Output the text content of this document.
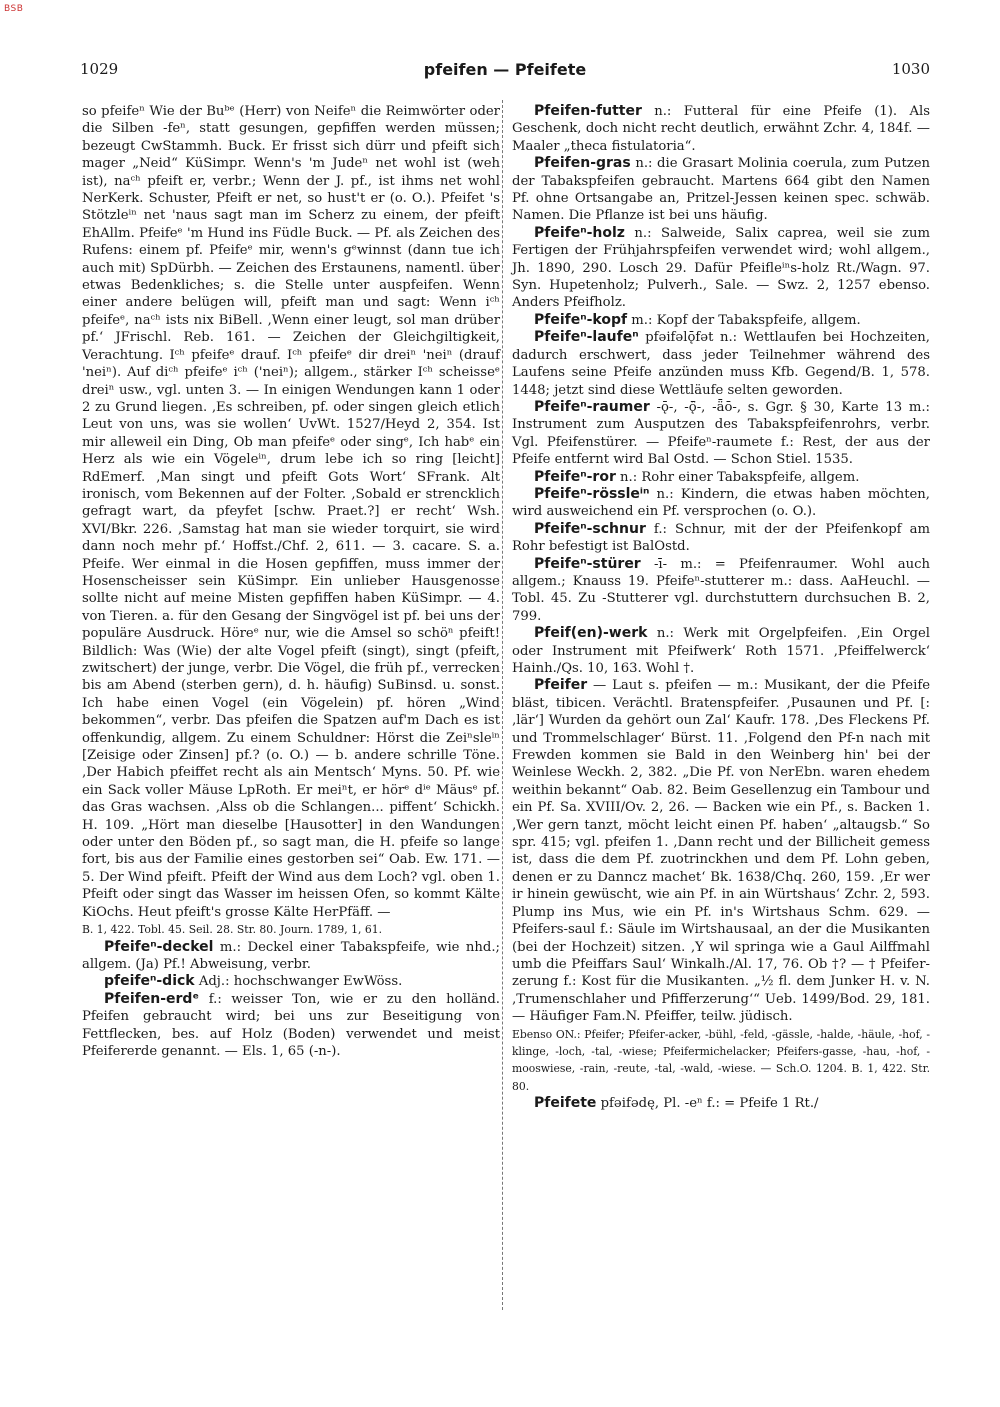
BSB
1029	pfeifen — Pfeifete	1030

so pfeifeⁿ Wie der Buᵇᵉ (Herr) von Neifeⁿ die Reimwörter oder die Silben -feⁿ, statt gesungen, gepfiffen werden müssen; bezeugt CwStammh. Buck. Er frisst sich dürr und pfeift sich mager „Neid“ KüSimpr. Wenn's 'm Judeⁿ net wohl ist (weh ist), naᶜʰ pfeift er, verbr.; Wenn der J. pf., ist ihms net wohl NerKerk. Schuster, Pfeift er net, so hust't er (o. O.). Pfeifet 's Stötzleⁱⁿ net 'naus sagt man im Scherz zu einem, der pfeift EhAllm. Pfeifeᵉ 'm Hund ins Füdle Buck. — Pf. als Zeichen des Rufens: einem pf. Pfeifeᵉ mir, wenn's gᵉwinnst (dann tue ich auch mit) SpDürbh. — Zeichen des Erstaunens, namentl. über etwas Bedenkliches; s. die Stelle unter auspfeifen. Wenn einer andere belügen will, pfeift man und sagt: Wenn iᶜʰ pfeifeᵉ, naᶜʰ ists nix BiBell. ‚Wenn einer leugt, sol man drüber pf.‘ JFrischl. Reb. 161. — Zeichen der Gleichgiltigkeit, Verachtung. Iᶜʰ pfeifeᵉ drauf. Iᶜʰ pfeifeᵉ dir dreiⁿ 'neiⁿ (drauf 'neiⁿ). Auf diᶜʰ pfeifeᵉ iᶜʰ ('neiⁿ); allgem., stärker Iᶜʰ scheisseᵉ dreiⁿ usw., vgl. unten 3. — In einigen Wendungen kann 1 oder 2 zu Grund liegen. ‚Es schreiben, pf. oder singen gleich etlich Leut von uns, was sie wollen‘ UvWt. 1527/Heyd 2, 354. Ist mir alleweil ein Ding, Ob man pfeifeᵉ oder singᵉ, Ich habᵉ ein Herz als wie ein Vögeleⁱⁿ, drum lebe ich so ring [leicht] RdEmerf. ‚Man singt und pfeift Gots Wort‘ SFrank. Alt ironisch, vom Bekennen auf der Folter. ‚Sobald er strencklich gefragt wart, da pfeyfet [schw. Praet.?] er recht‘ Wsh. XVI/Bkr. 226. ‚Samstag hat man sie wieder torquirt, sie wird dann noch mehr pf.‘ Hoffst./Chf. 2, 611. — 3. cacare. S. a. Pfeife. Wer einmal in die Hosen gepfiffen, muss immer der Hosenscheisser sein KüSimpr. Ein unlieber Hausgenosse sollte nicht auf meine Misten gepfiffen haben KüSimpr. — 4. von Tieren. a. für den Gesang der Singvögel ist pf. bei uns der populäre Ausdruck. Höreᵉ nur, wie die Amsel so schöⁿ pfeift! Bildlich: Was (Wie) der alte Vogel pfeift (singt), singt (pfeift, zwitschert) der junge, verbr. Die Vögel, die früh pf., verrecken bis am Abend (sterben gern), d. h. häufig) SuBinsd. u. sonst. Ich habe einen Vogel (ein Vögelein) pf. hören „Wind bekommen“, verbr. Das pfeifen die Spatzen auf'm Dach es ist offenkundig, allgem. Zu einem Schuldner: Hörst die Zeiⁿsleⁱⁿ [Zeisige oder Zinsen] pf.? (o. O.) — b. andere schrille Töne. ‚Der Habich pfeiffet recht als ain Mentsch‘ Myns. 50. Pf. wie ein Sack voller Mäuse LpRoth. Er meiⁿt, er hörᵉ dⁱᵉ Mäusᵉ pf. das Gras wachsen. ‚Alss ob die Schlangen... piffent‘ Schickh. H. 109. „Hört man dieselbe [Hausotter] in den Wandungen oder unter den Böden pf., so sagt man, die H. pfeife so lange fort, bis aus der Familie eines gestorben sei“ Oab. Ew. 171. — 5. Der Wind pfeift. Pfeift der Wind aus dem Loch? vgl. oben 1. Pfeift oder singt das Wasser im heissen Ofen, so kommt Kälte KiOchs. Heut pfeift's grosse Kälte HerPfäff. —

B. 1, 422. Tobl. 45. Seil. 28. Str. 80. Journ. 1789, 1, 61.

Pfeifeⁿ-deckel m.: Deckel einer Tabakspfeife, wie nhd.; allgem. (Ja) Pf.! Abweisung, verbr.

pfeifeⁿ-dick Adj.: hochschwanger EwWöss.

Pfeifen-erdᵉ f.: weisser Ton, wie er zu den holländ. Pfeifen gebraucht wird; bei uns zur Beseitigung von Fettflecken, bes. auf Holz (Boden) verwendet und meist Pfeifererde genannt. — Els. 1, 65 (-n-).

Pfeifen-futter n.: Futteral für eine Pfeife (1). Als Geschenk, doch nicht recht deutlich, erwähnt Zchr. 4, 184f. — Maaler „theca fistulatoria“.

Pfeifen-gras n.: die Grasart Molinia coerula, zum Putzen der Tabakspfeifen gebraucht. Martens 664 gibt den Namen Pf. ohne Ortsangabe an, Pritzel-Jessen keinen spec. schwäb. Namen. Die Pflanze ist bei uns häufig.

Pfeifeⁿ-holz n.: Salweide, Salix caprea, weil sie zum Fertigen der Frühjahrspfeifen verwendet wird; wohl allgem., Jh. 1890, 290. Losch 29. Dafür Pfeifleⁱⁿs-holz Rt./Wagn. 97. Syn. Hupetenholz; Pulverh., Sale. — Swz. 2, 1257 ebenso. Anders Pfeifholz.

Pfeifeⁿ-kopf m.: Kopf der Tabakspfeife, allgem.

Pfeifeⁿ-laufeⁿ pfəifəlǭfət n.: Wettlaufen bei Hochzeiten, dadurch erschwert, dass jeder Teilnehmer während des Laufens seine Pfeife anzünden muss Kfb. Gegend/B. 1, 578. 1448; jetzt sind diese Wettläufe selten geworden.

Pfeifeⁿ-raumer -ǭ-, -ǭ̈-, -ǟō-, s. Ggr. § 30, Karte 13 m.: Instrument zum Ausputzen des Tabakspfeifenrohrs, verbr. Vgl. Pfeifenstürer. — Pfeifeⁿ-raumete f.: Rest, der aus der Pfeife entfernt wird Bal Ostd. — Schon Stiel. 1535.

Pfeifeⁿ-ror n.: Rohr einer Tabakspfeife, allgem.

Pfeifeⁿ-rössleⁱⁿ n.: Kindern, die etwas haben möchten, wird ausweichend ein Pf. versprochen (o. O.).

Pfeifeⁿ-schnur f.: Schnur, mit der der Pfeifenkopf am Rohr befestigt ist BalOstd.

Pfeifeⁿ-stürer -ī- m.: = Pfeifenraumer. Wohl auch allgem.; Knauss 19. Pfeifeⁿ-stutterer m.: dass. AaHeuchl. — Tobl. 45. Zu -Stutterer vgl. durchstuttern durchsuchen B. 2, 799.

Pfeif(en)-werk n.: Werk mit Orgelpfeifen. ‚Ein Orgel oder Instrument mit Pfeifwerk‘ Roth 1571. ‚Pfeiffelwerck‘ Hainh./Qs. 10, 163. Wohl †.

Pfeifer — Laut s. pfeifen — m.: Musikant, der die Pfeife bläst, tibicen. Verächtl. Bratenspfeifer. ‚Pusaunen und Pf. [: ‚lär‘] Wurden da gehört oun Zal‘ Kaufr. 178. ‚Des Fleckens Pf. und Trommelschlager‘ Bürst. 11. ‚Folgend den Pf-n nach mit Frewden kommen sie Bald in den Weinberg hin' bei der Weinlese Weckh. 2, 382. „Die Pf. von NerEbn. waren ehedem weithin bekannt“ Oab. 82. Beim Gesellenzug ein Tambour und ein Pf. Sa. XVIII/Ov. 2, 26. — Backen wie ein Pf., s. Backen 1. ‚Wer gern tanzt, möcht leicht einen Pf. haben‘ „altaugsb.“ So spr. 415; vgl. pfeifen 1. ‚Dann recht und der Billicheit gemess ist, dass die dem Pf. zuotrinckhen und dem Pf. Lohn geben, denen er zu Danncz machet‘ Bk. 1638/Chq. 260, 159. ‚Er wer ir hinein gewüscht, wie ain Pf. in ain Würtshaus‘ Zchr. 2, 593. Plump ins Mus, wie ein Pf. in's Wirtshaus Schm. 629. — Pfeifers-saul f.: Säule im Wirtshausaal, an der die Musikanten (bei der Hochzeit) sitzen. ‚Y wil springa wie a Gaul Ailffmahl umb die Pfeiffars Saul‘ Winkalh./Al. 17, 76. Ob †? — † Pfeifer-zerung f.: Kost für die Musikanten. „½ fl. dem Junker H. v. N. ‚Trumenschlaher und Pfifferzerung‘“ Ueb. 1499/Bod. 29, 181. — Häufiger Fam.N. Pfeiffer, teilw. jüdisch.

Ebenso ON.: Pfeifer; Pfeifer-acker, -bühl, -feld, -gässle, -halde, -häule, -hof, -klinge, -loch, -tal, -wiese; Pfeifermichelacker; Pfeifers-gasse, -hau, -hof, -mooswiese, -rain, -reute, -tal, -wald, -wiese. — Sch.O. 1204. B. 1, 422. Str. 80.

Pfeifete pfəifədę, Pl. -eⁿ f.: = Pfeife 1 Rt./
